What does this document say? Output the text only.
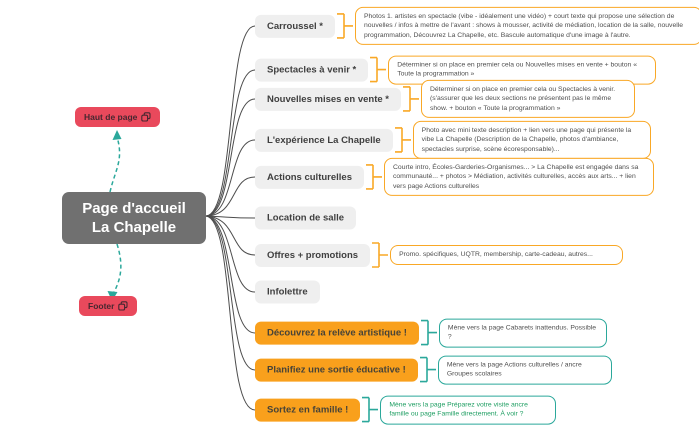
Page d'accueil
La Chapelle
Haut de page
Footer
Carroussel *
Photos 1. artistes en spectacle (vibe - idéalement une vidéo) + court texte qui propose une sélection de nouvelles / infos à mettre de l'avant : shows à mousser, activité de médiation, location de la salle, nouvelle programmation, Découvrez La Chapelle, etc. Bascule automatique d'une image à l'autre.
Spectacles à venir *	Déterminer si on place en premier cela ou Nouvelles mises en vente + bouton « Toute la programmation »
Nouvelles mises en vente *
Déterminer si on place en premier cela ou Spectacles à venir. (s'assurer que les deux sections ne présentent pas le même show. + bouton « Toute la programmation »
L'expérience La Chapelle
Photo avec mini texte description + lien vers une page qui présente la vibe La Chapelle (Description de la Chapelle, photos d'ambiance, spectacles surprise, scène écoresponsable)...
Actions culturelles
Courte intro, Écoles-Garderies-Organismes... > La Chapelle est engagée dans sa communauté... + photos > Médiation, activités culturelles, accès aux arts... + lien vers page Actions culturelles
Location de salle
Offres + promotions	Promo. spécifiques, UQTR, membership, carte-cadeau, autres...
Infolettre
Découvrez la relève artistique !	Mène vers la page Cabarets inattendus. Possible ?
Planifiez une sortie éducative !	Mène vers la page Actions culturelles / ancre Groupes scolaires
Sortez en famille !	Mène vers la page Préparez votre visite ancre famille ou page Famille directement. À voir ?
